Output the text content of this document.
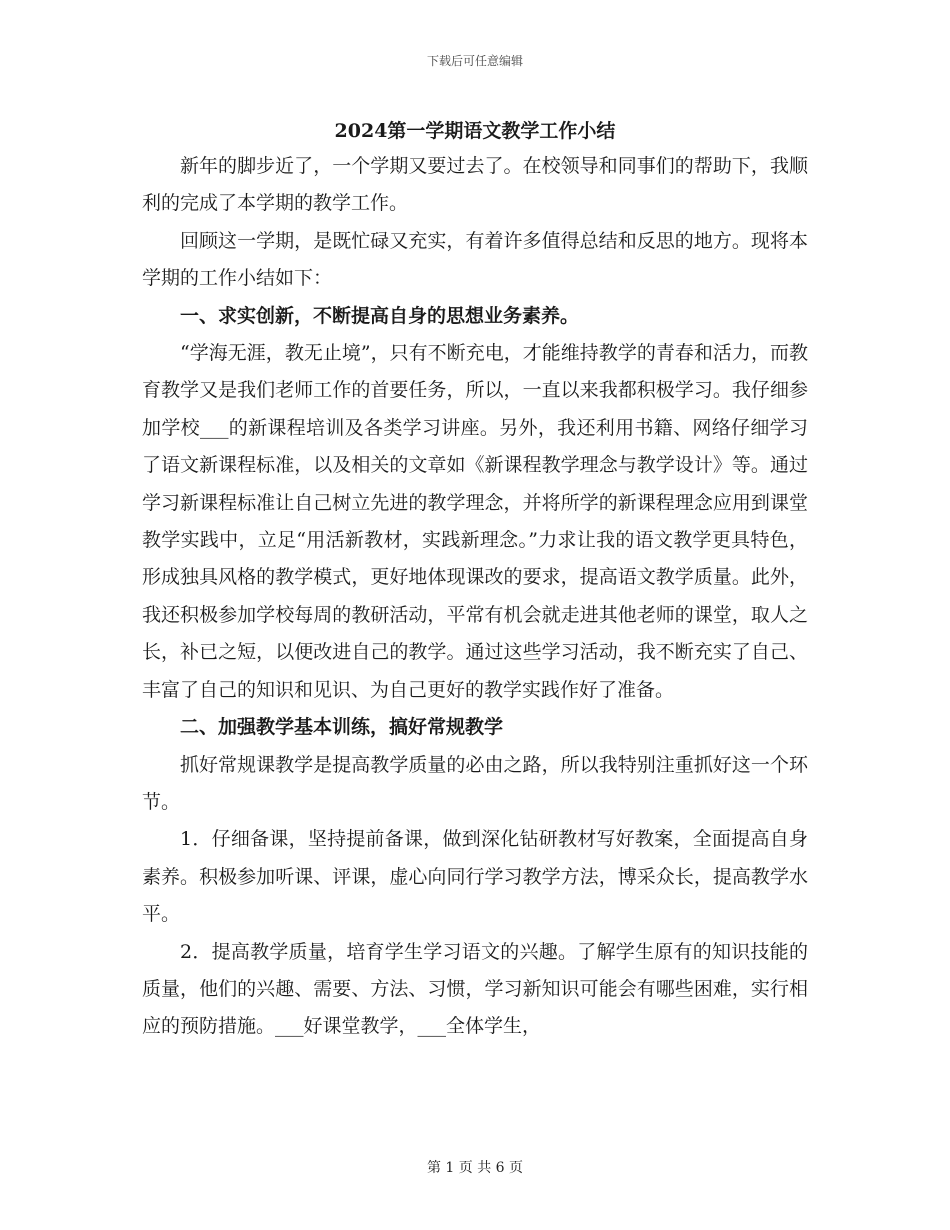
下载后可任意编辑
2024第一学期语文教学工作小结

新年的脚步近了，一个学期又要过去了。在校领导和同事们的帮助下，我顺利的完成了本学期的教学工作。

回顾这一学期，是既忙碌又充实，有着许多值得总结和反思的地方。现将本学期的工作小结如下：

一、求实创新，不断提高自身的思想业务素养。

“学海无涯，教无止境”，只有不断充电，才能维持教学的青春和活力，而教育教学又是我们老师工作的首要任务，所以，一直以来我都积极学习。我仔细参加学校___的新课程培训及各类学习讲座。另外，我还利用书籍、网络仔细学习了语文新课程标准，以及相关的文章如《新课程教学理念与教学设计》等。通过学习新课程标准让自己树立先进的教学理念，并将所学的新课程理念应用到课堂教学实践中，立足“用活新教材，实践新理念。”力求让我的语文教学更具特色，形成独具风格的教学模式，更好地体现课改的要求，提高语文教学质量。此外，我还积极参加学校每周的教研活动，平常有机会就走进其他老师的课堂，取人之长，补已之短，以便改进自己的教学。通过这些学习活动，我不断充实了自己、丰富了自己的知识和见识、为自己更好的教学实践作好了准备。

二、加强教学基本训练，搞好常规教学

抓好常规课教学是提高教学质量的必由之路，所以我特别注重抓好这一个环节。

1．仔细备课，坚持提前备课，做到深化钻研教材写好教案，全面提高自身素养。积极参加听课、评课，虚心向同行学习教学方法，博采众长，提高教学水平。

2．提高教学质量，培育学生学习语文的兴趣。了解学生原有的知识技能的质量，他们的兴趣、需要、方法、习惯，学习新知识可能会有哪些困难，实行相应的预防措施。___好课堂教学，___全体学生，

第 1 页 共 6 页
